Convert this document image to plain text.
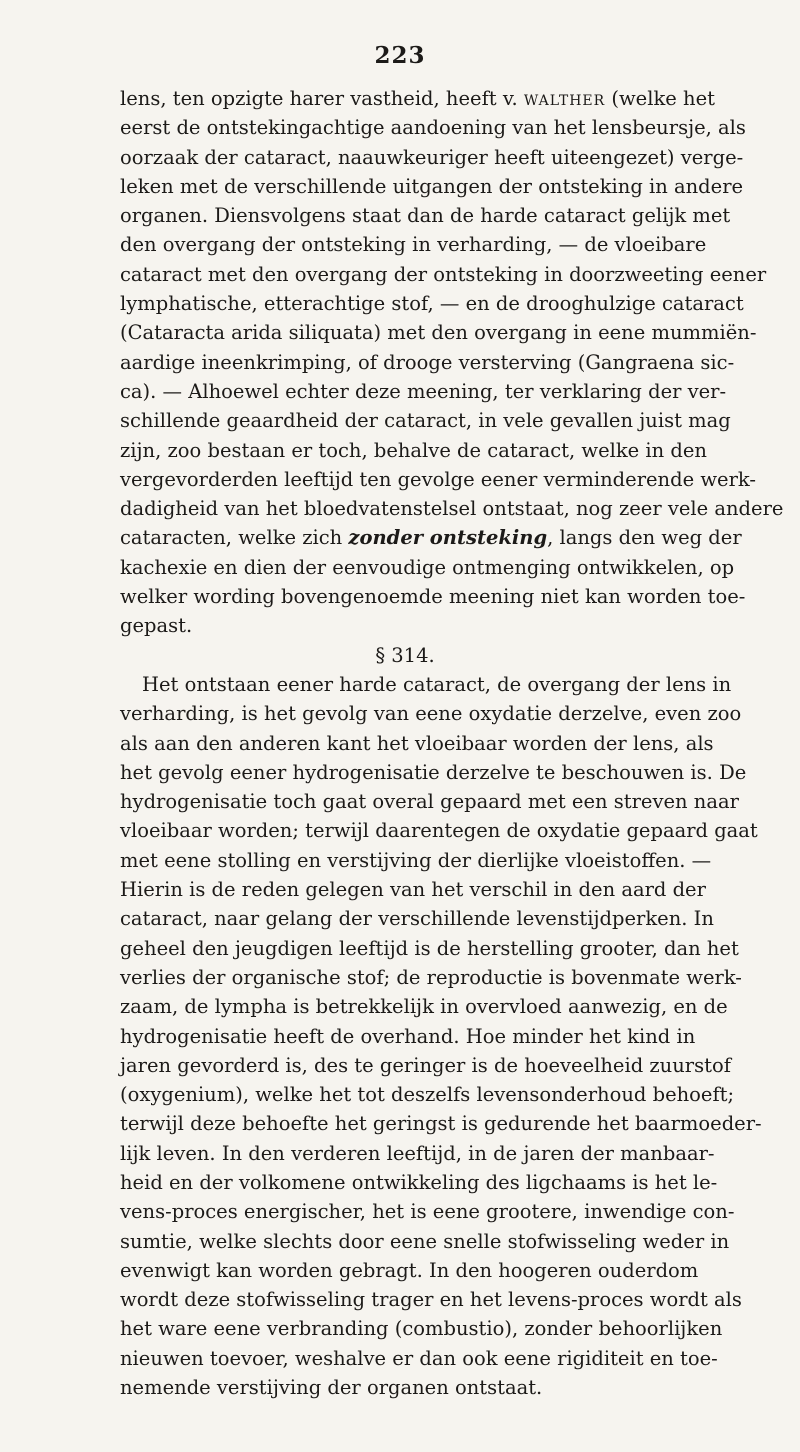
223
lens, ten opzigte harer vastheid, heeft v. walther (welke het
eerst de ontstekingachtige aandoening van het lensbeursje, als
oorzaak der cataract, naauwkeuriger heeft uiteengezet) verge-
leken met de verschillende uitgangen der ontsteking in andere
organen. Diensvolgens staat dan de harde cataract gelijk met
den overgang der ontsteking in verharding, — de vloeibare
cataract met den overgang der ontsteking in doorzweeting eener
lymphatische, etterachtige stof, — en de drooghulzige cataract
(Cataracta arida siliquata) met den overgang in eene mummiën-
aardige ineenkrimping, of drooge versterving (Gangraena sic-
ca). — Alhoewel echter deze meening, ter verklaring der ver-
schillende geaardheid der cataract, in vele gevallen juist mag
zijn, zoo bestaan er toch, behalve de cataract, welke in den
vergevorderden leeftijd ten gevolge eener verminderende werk-
dadigheid van het bloedvatenstelsel ontstaat, nog zeer vele andere
cataracten, welke zich zonder ontsteking, langs den weg der
kachexie en dien der eenvoudige ontmenging ontwikkelen, op
welker wording bovengenoemde meening niet kan worden toe-
gepast.
§ 314.
Het ontstaan eener harde cataract, de overgang der lens in
verharding, is het gevolg van eene oxydatie derzelve, even zoo
als aan den anderen kant het vloeibaar worden der lens, als
het gevolg eener hydrogenisatie derzelve te beschouwen is. De
hydrogenisatie toch gaat overal gepaard met een streven naar
vloeibaar worden; terwijl daarentegen de oxydatie gepaard gaat
met eene stolling en verstijving der dierlijke vloeistoffen. —
Hierin is de reden gelegen van het verschil in den aard der
cataract, naar gelang der verschillende levenstijdperken. In
geheel den jeugdigen leeftijd is de herstelling grooter, dan het
verlies der organische stof; de reproductie is bovenmate werk-
zaam, de lympha is betrekkelijk in overvloed aanwezig, en de
hydrogenisatie heeft de overhand. Hoe minder het kind in
jaren gevorderd is, des te geringer is de hoeveelheid zuurstof
(oxygenium), welke het tot deszelfs levensonderhoud behoeft;
terwijl deze behoefte het geringst is gedurende het baarmoeder-
lijk leven. In den verderen leeftijd, in de jaren der manbaar-
heid en der volkomene ontwikkeling des ligchaams is het le-
vens-proces energischer, het is eene grootere, inwendige con-
sumtie, welke slechts door eene snelle stofwisseling weder in
evenwigt kan worden gebragt. In den hoogeren ouderdom
wordt deze stofwisseling trager en het levens-proces wordt als
het ware eene verbranding (combustio), zonder behoorlijken
nieuwen toevoer, weshalve er dan ook eene rigiditeit en toe-
nemende verstijving der organen ontstaat.
